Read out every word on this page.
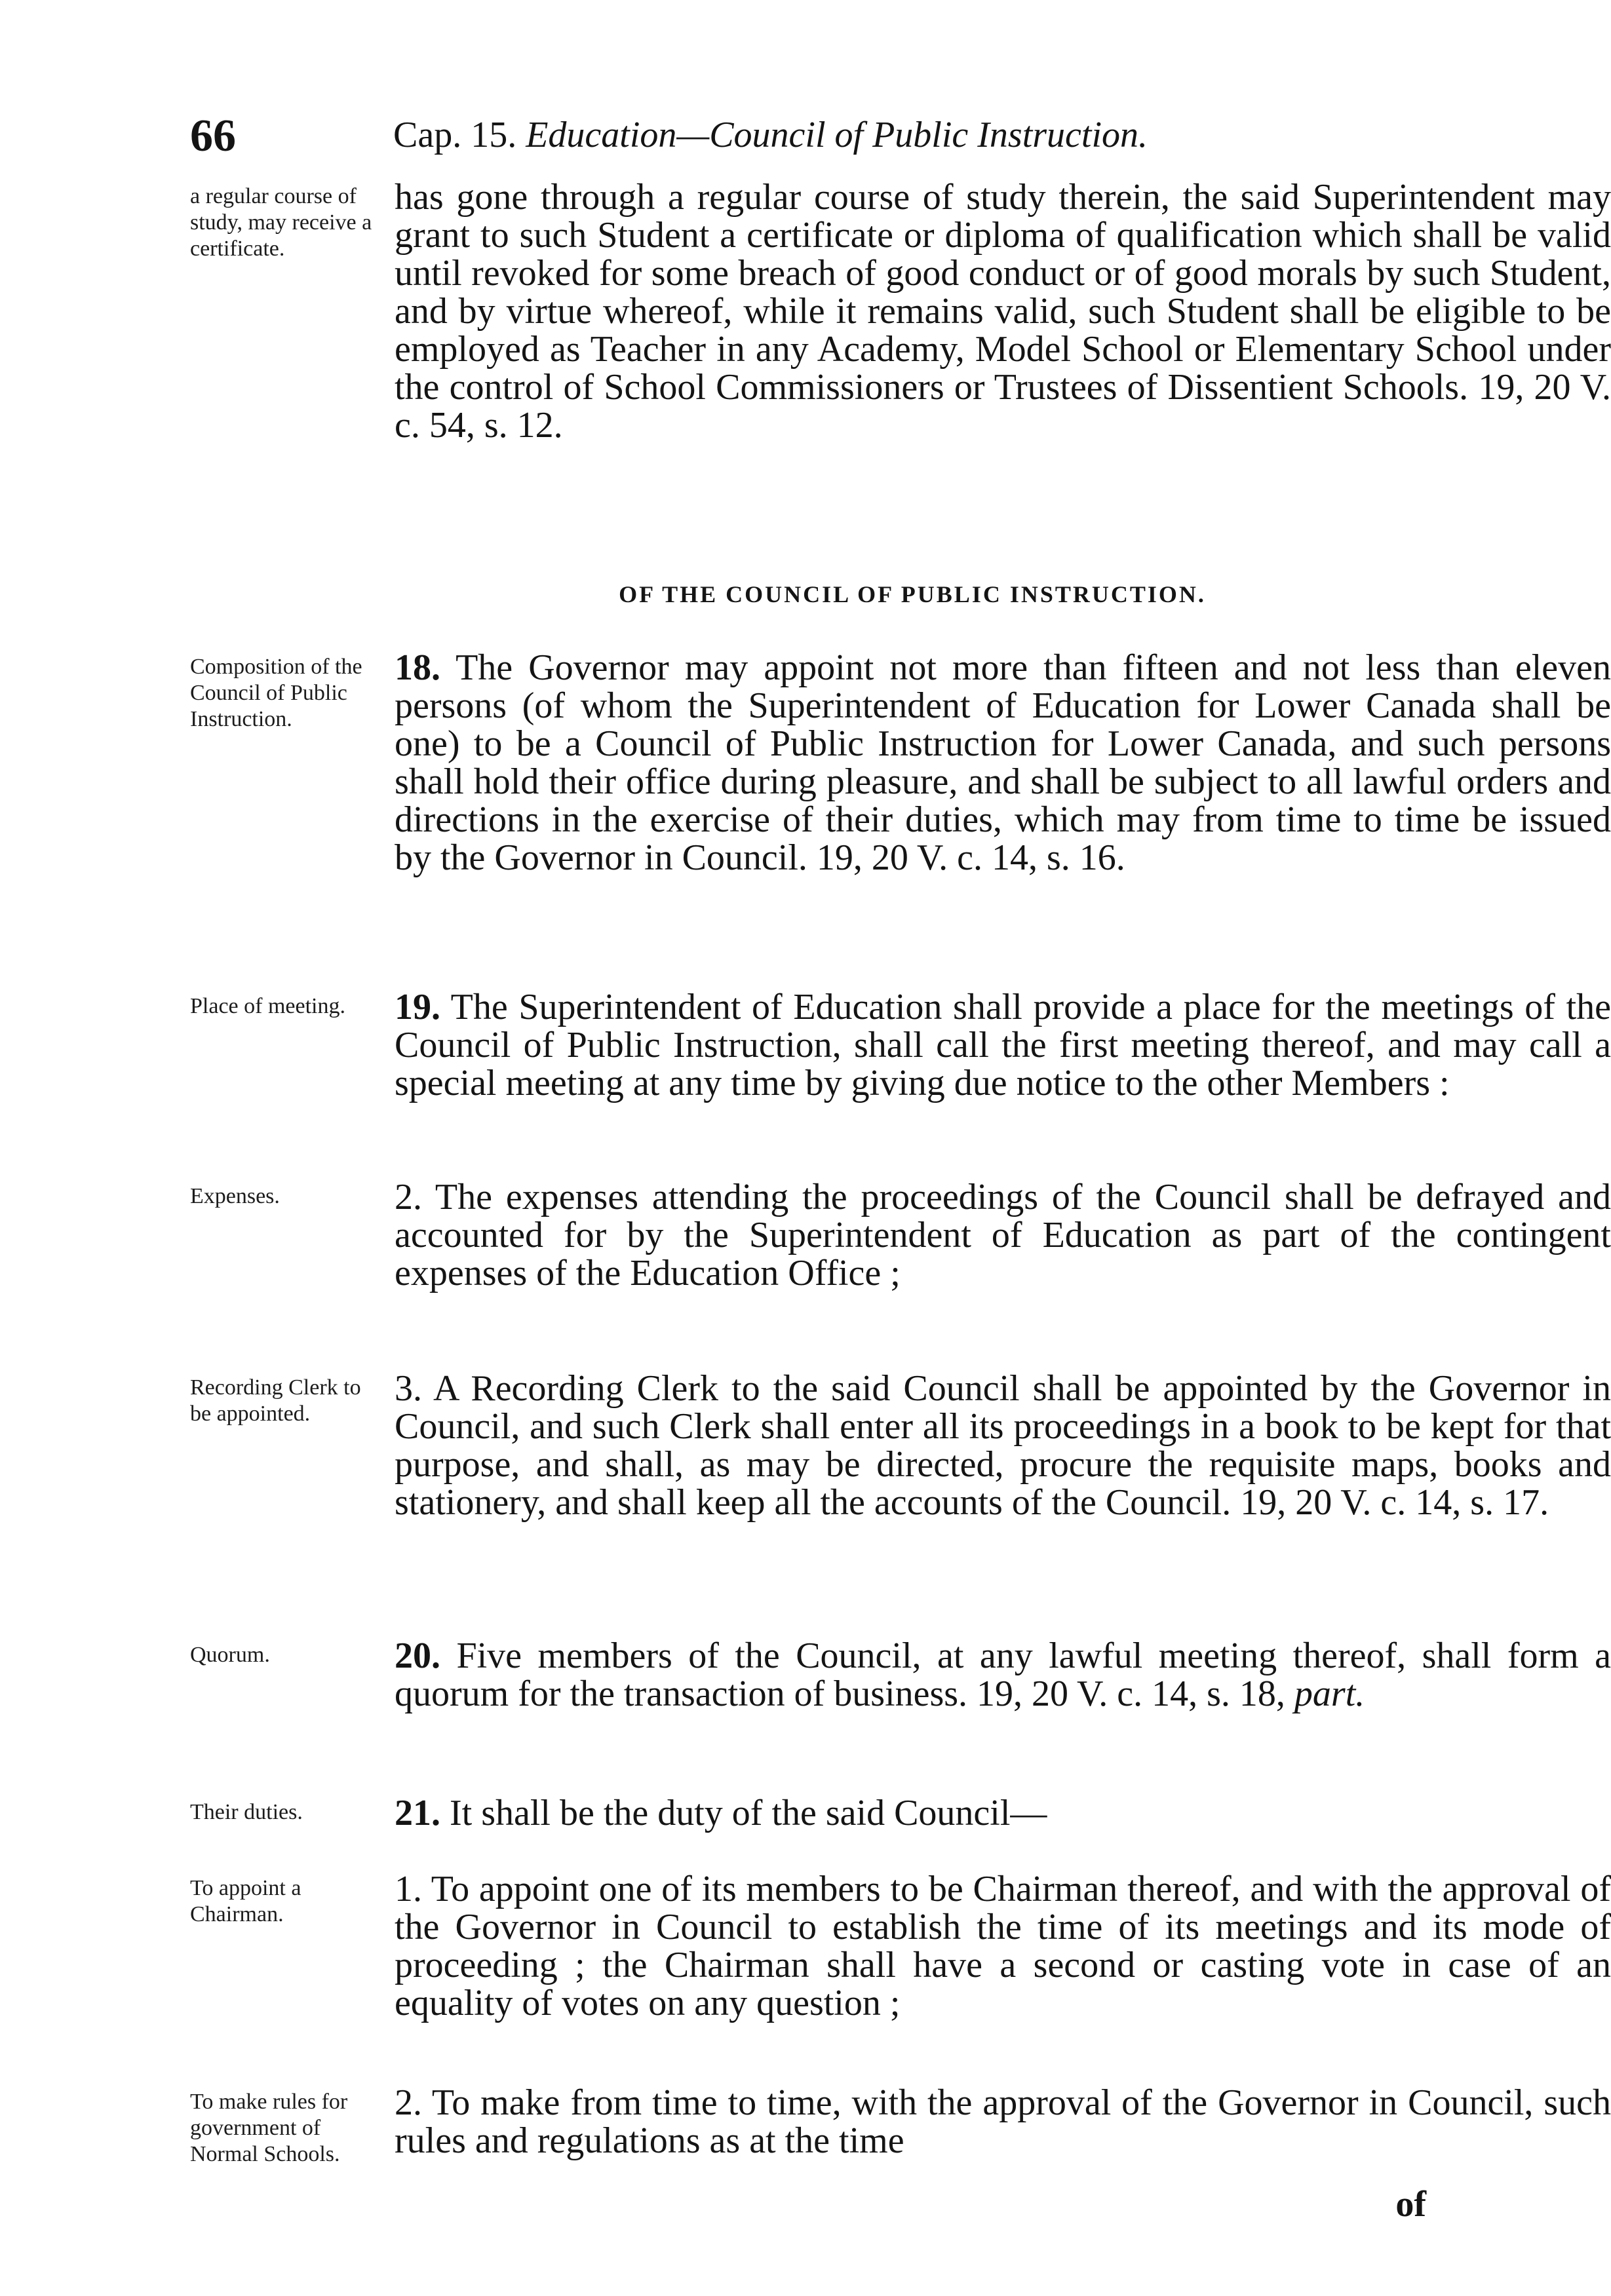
66	Cap. 15. Education—Council of Public Instruction.
a regular course of study, may receive a certificate.
has gone through a regular course of study therein, the said Superintendent may grant to such Student a certificate or diploma of qualification which shall be valid until revoked for some breach of good conduct or of good morals by such Student, and by virtue whereof, while it remains valid, such Student shall be eligible to be employed as Teacher in any Academy, Model School or Elementary School under the control of School Commissioners or Trustees of Dissentient Schools. 19, 20 V. c. 54, s. 12.
OF THE COUNCIL OF PUBLIC INSTRUCTION.
Composition of the Council of Public Instruction.
18. The Governor may appoint not more than fifteen and not less than eleven persons (of whom the Superintendent of Education for Lower Canada shall be one) to be a Council of Public Instruction for Lower Canada, and such persons shall hold their office during pleasure, and shall be subject to all lawful orders and directions in the exercise of their duties, which may from time to time be issued by the Governor in Council. 19, 20 V. c. 14, s. 16.
Place of meeting.	19. The Superintendent of Education shall provide a place for the meetings of the Council of Public Instruction, shall call the first meeting thereof, and may call a special meeting at any time by giving due notice to the other Members :
Expenses.	2. The expenses attending the proceedings of the Council shall be defrayed and accounted for by the Superintendent of Education as part of the contingent expenses of the Education Office ;
Recording Clerk to be appointed.
3. A Recording Clerk to the said Council shall be appointed by the Governor in Council, and such Clerk shall enter all its proceedings in a book to be kept for that purpose, and shall, as may be directed, procure the requisite maps, books and stationery, and shall keep all the accounts of the Council. 19, 20 V. c. 14, s. 17.
Quorum.	20. Five members of the Council, at any lawful meeting thereof, shall form a quorum for the transaction of business. 19, 20 V. c. 14, s. 18, part.
Their duties.	21. It shall be the duty of the said Council—
To appoint a Chairman.
1. To appoint one of its members to be Chairman thereof, and with the approval of the Governor in Council to establish the time of its meetings and its mode of proceeding ; the Chairman shall have a second or casting vote in case of an equality of votes on any question ;
To make rules for government of Normal Schools.
2. To make from time to time, with the approval of the Governor in Council, such rules and regulations as at the time
of
